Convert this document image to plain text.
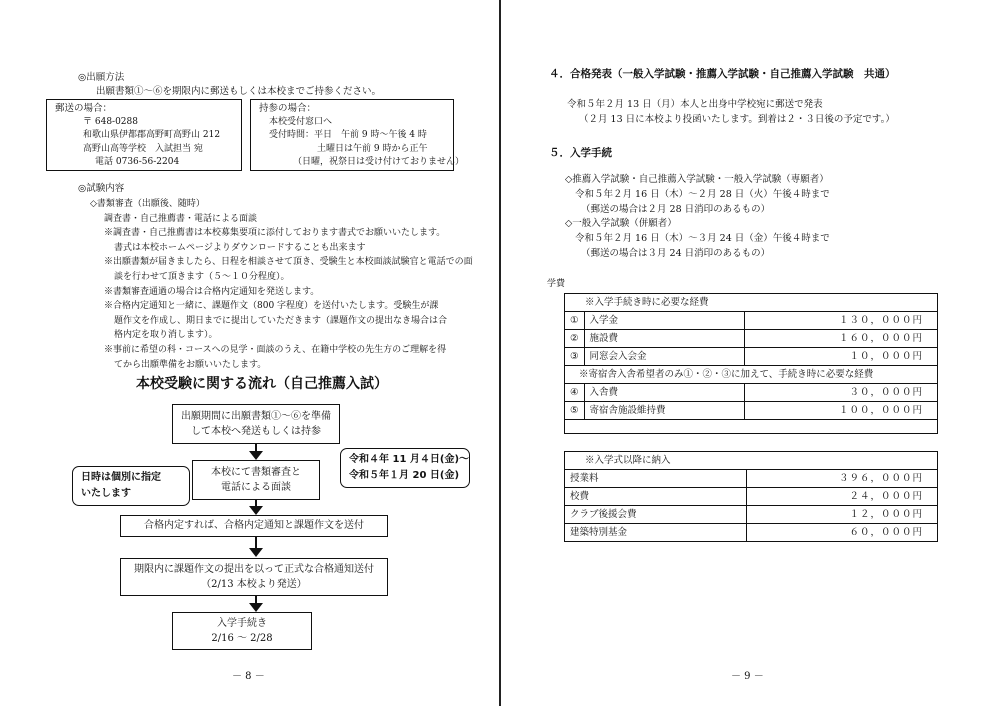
◎出願方法
出願書類①～⑥を期限内に郵送もしくは本校までご持参ください。
郵送の場合：
〒 648-0288
和歌山県伊都郡高野町高野山 212
高野山高等学校　入試担当 宛
電話 0736-56-2204
持参の場合：
本校受付窓口へ
受付時間：平日　午前 9 時～午後 4 時
土曜日は午前 9 時から正午
（日曜，祝祭日は受け付けておりません）
◎試験内容
◇書類審査（出願後、随時）
調査書・自己推薦書・電話による面談
※調査書・自己推薦書は本校募集要項に添付しております書式でお願いいたします。
書式は本校ホームページよりダウンロードすることも出来ます
※出願書類が届きましたら、日程を相談させて頂き、受験生と本校面談試験官と電話での面
談を行わせて頂きます（５～１０分程度）。
※書類審査通過の場合は合格内定通知を発送します。
※合格内定通知と一緒に、課題作文（800 字程度）を送付いたします。受験生が課
題作文を作成し、期日までに提出していただきます（課題作文の提出なき場合は合
格内定を取り消します）。
※事前に希望の科・コースへの見学・面談のうえ、在籍中学校の先生方のご理解を得
てから出願準備をお願いいたします。
本校受験に関する流れ（自己推薦入試）
出願期間に出願書類①～⑥を準備
して本校へ発送もしくは持参
本校にて書類審査と
電話による面談
日時は個別に指定
いたします
令和４年 11 月４日(金)～
令和５年１月 20 日(金)
合格内定すれば、合格内定通知と課題作文を送付
期限内に課題作文の提出を以って正式な合格通知送付
（2/13 本校より発送）
入学手続き
2/16 ～ 2/28
－ 8 －
４．合格発表（一般入学試験・推薦入学試験・自己推薦入学試験　共通）
令和５年２月 13 日（月）本人と出身中学校宛に郵送で発表
（２月 13 日に本校より投函いたします。到着は２・３日後の予定です。）
５．入学手続
◇推薦入学試験・自己推薦入学試験・一般入学試験（専願者）
令和５年２月 16 日（木）～２月 28 日（火）午後４時まで
（郵送の場合は２月 28 日消印のあるもの）
◇一般入学試験（併願者）
令和５年２月 16 日（木）～３月 24 日（金）午後４時まで
（郵送の場合は３月 24 日消印のあるもの）
学費
※入学手続き時に必要な経費		
①	入学金	１３０，０００円
②	施設費	１６０，０００円
③	同窓会入会金	１０，０００円
※寄宿舎入舎希望者のみ①・②・③に加えて、手続き時に必要な経費		
④	入舎費	３０，０００円
⑤	寄宿舎施設維持費	１００，０００円

※入学式以降に納入	
授業料	３９６，０００円
校費	２４，０００円
クラブ後援会費	１２，０００円
建築特別基金	６０，０００円
－ 9 －
